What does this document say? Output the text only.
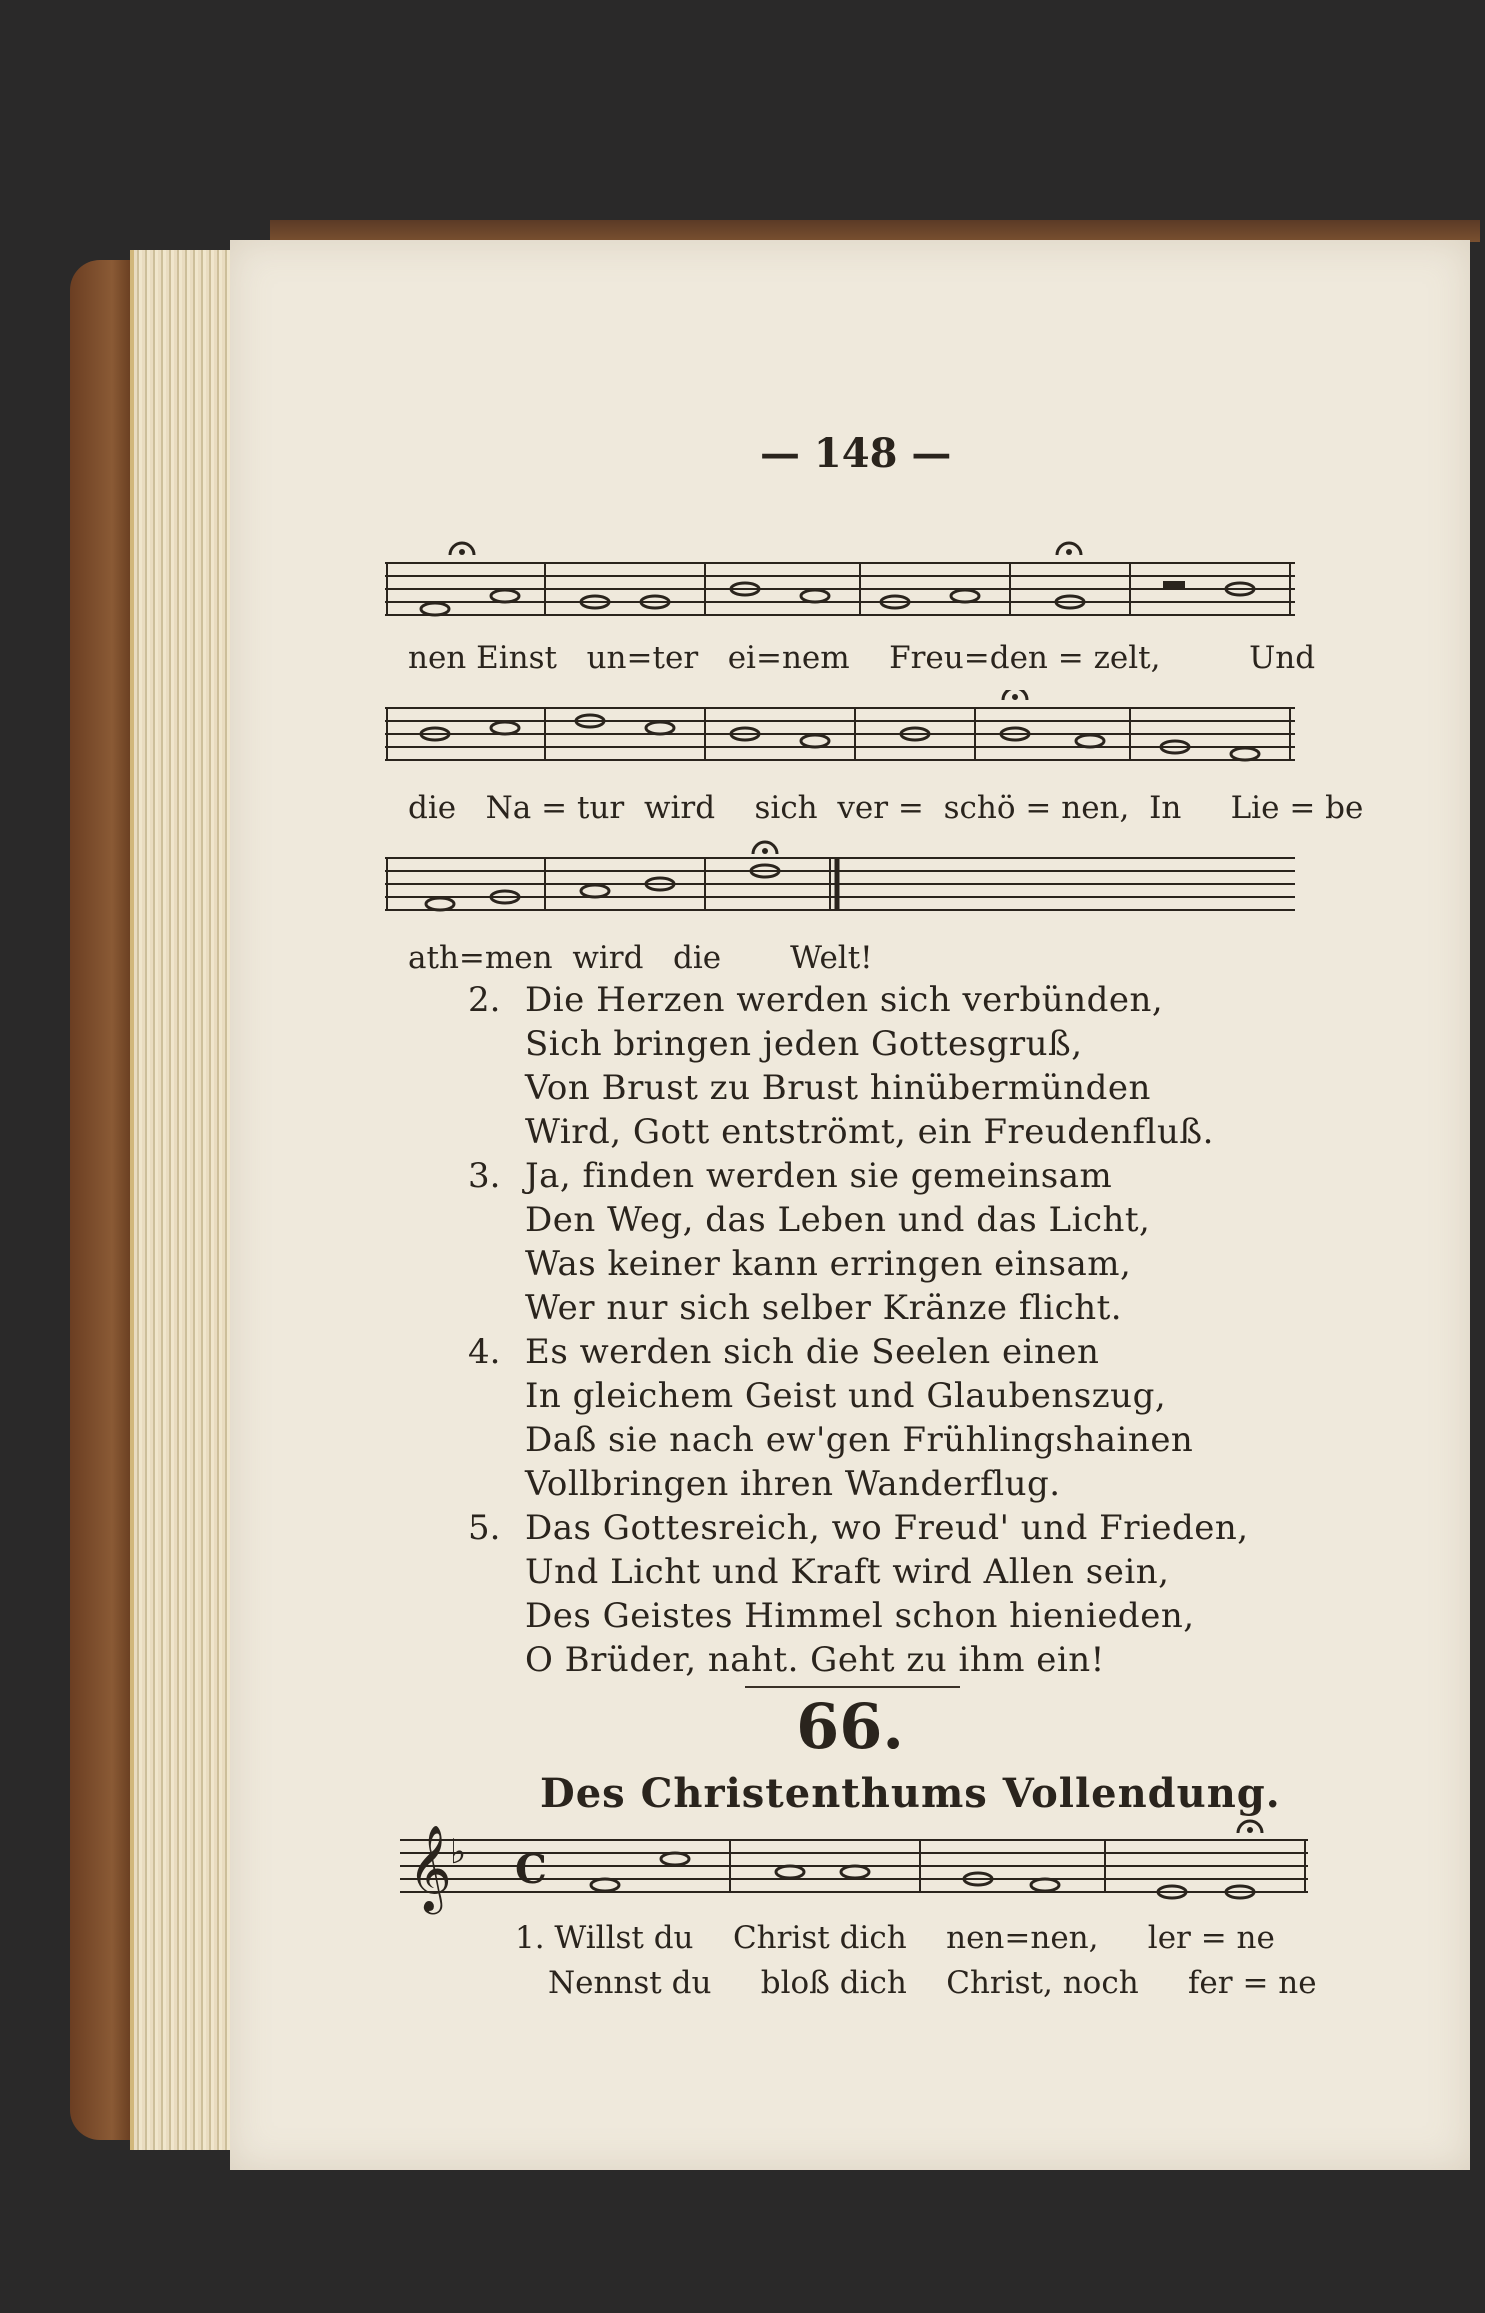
— 148 —
nen Einst un=ter ei=nem Freu=den = zelt,	Und
die Na = tur wird sich ver = schö = nen, In Lie = be
ath=men wird die Welt!
2. Die Herzen werden sich verbünden,
Sich bringen jeden Gottesgruß,
Von Brust zu Brust hinübermünden
Wird, Gott entströmt, ein Freudenfluß.
3. Ja, finden werden sie gemeinsam
Den Weg, das Leben und das Licht,
Was keiner kann erringen einsam,
Wer nur sich selber Kränze flicht.
4. Es werden sich die Seelen einen
In gleichem Geist und Glaubenszug,
Daß sie nach ew'gen Frühlingshainen
Vollbringen ihren Wanderflug.
5. Das Gottesreich, wo Freud' und Frieden,
Und Licht und Kraft wird Allen sein,
Des Geistes Himmel schon hienieden,
O Brüder, naht. Geht zu ihm ein!
66.
Des Christenthums Vollendung.
𝄞
♭ C
1. Willst du Christ dich nen=nen, ler = ne
Nennst du bloß dich Christ, noch fer = ne
